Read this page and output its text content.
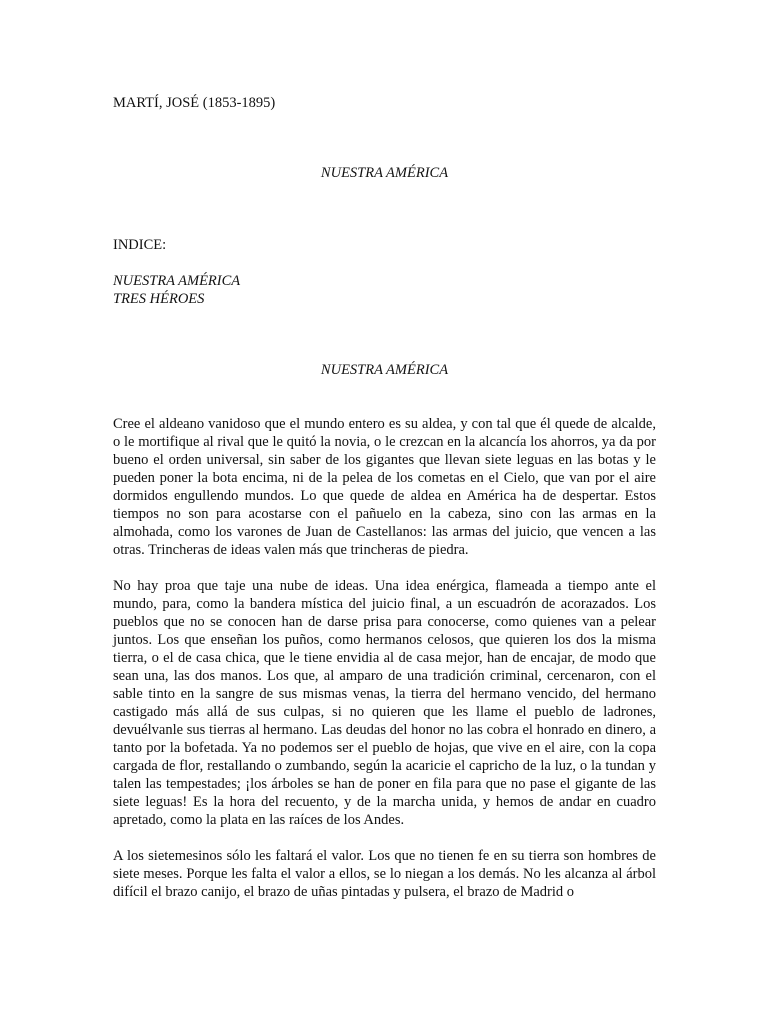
MARTÍ, JOSÉ (1853-1895)
NUESTRA AMÉRICA
INDICE:
NUESTRA AMÉRICA
TRES HÉROES
NUESTRA AMÉRICA

Cree el aldeano vanidoso que el mundo entero es su aldea, y con tal que él quede de alcalde, o le mortifique al rival que le quitó la novia, o le crezcan en la alcancía los ahorros, ya da por bueno el orden universal, sin saber de los gigantes que llevan siete leguas en las botas y le pueden poner la bota encima, ni de la pelea de los cometas en el Cielo, que van por el aire dormidos engullendo mundos. Lo que quede de aldea en América ha de despertar. Estos tiempos no son para acostarse con el pañuelo en la cabeza, sino con las armas en la almohada, como los varones de Juan de Castellanos: las armas del juicio, que vencen a las otras. Trincheras de ideas valen más que trincheras de piedra.

No hay proa que taje una nube de ideas. Una idea enérgica, flameada a tiempo ante el mundo, para, como la bandera mística del juicio final, a un escuadrón de acorazados. Los pueblos que no se conocen han de darse prisa para conocerse, como quienes van a pelear juntos. Los que enseñan los puños, como hermanos celosos, que quieren los dos la misma tierra, o el de casa chica, que le tiene envidia al de casa mejor, han de encajar, de modo que sean una, las dos manos. Los que, al amparo de una tradición criminal, cercenaron, con el sable tinto en la sangre de sus mismas venas, la tierra del hermano vencido, del hermano castigado más allá de sus culpas, si no quieren que les llame el pueblo de ladrones, devuélvanle sus tierras al hermano. Las deudas del honor no las cobra el honrado en dinero, a tanto por la bofetada. Ya no podemos ser el pueblo de hojas, que vive en el aire, con la copa cargada de flor, restallando o zumbando, según la acaricie el capricho de la luz, o la tundan y talen las tempestades; ¡los árboles se han de poner en fila para que no pase el gigante de las siete leguas! Es la hora del recuento, y de la marcha unida, y hemos de andar en cuadro apretado, como la plata en las raíces de los Andes.

A los sietemesinos sólo les faltará el valor. Los que no tienen fe en su tierra son hombres de siete meses. Porque les falta el valor a ellos, se lo niegan a los demás. No les alcanza al árbol difícil el brazo canijo, el brazo de uñas pintadas y pulsera, el brazo de Madrid o
